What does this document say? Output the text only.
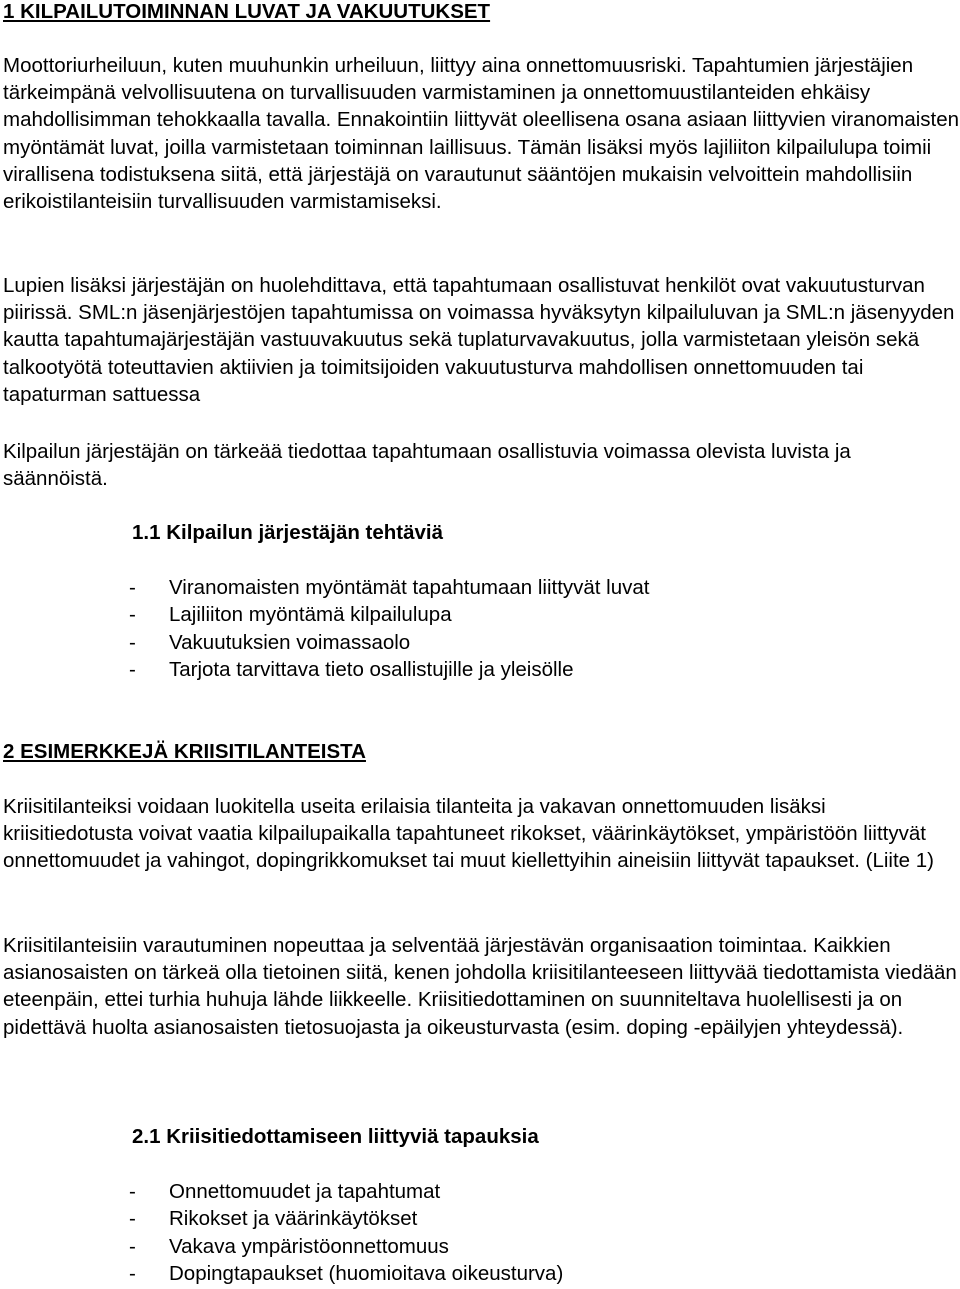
1 KILPAILUTOIMINNAN LUVAT JA VAKUUTUKSET

Moottoriurheiluun, kuten muuhunkin urheiluun, liittyy aina onnettomuusriski. Tapahtumien järjestäjien tärkeimpänä velvollisuutena on turvallisuuden varmistaminen ja onnettomuustilanteiden ehkäisy mahdollisimman tehokkaalla tavalla. Ennakointiin liittyvät oleellisena osana asiaan liittyvien viranomaisten myöntämät luvat, joilla varmistetaan toiminnan laillisuus. Tämän lisäksi myös lajiliiton kilpailulupa toimii virallisena todistuksena siitä, että järjestäjä on varautunut sääntöjen mukaisin velvoittein mahdollisiin erikoistilanteisiin turvallisuuden varmistamiseksi.

Lupien lisäksi järjestäjän on huolehdittava, että tapahtumaan osallistuvat henkilöt ovat vakuutusturvan piirissä. SML:n jäsenjärjestöjen tapahtumissa on voimassa hyväksytyn kilpailuluvan ja SML:n jäsenyyden kautta tapahtumajärjestäjän vastuuvakuutus sekä tuplaturvavakuutus, jolla varmistetaan yleisön sekä talkootyötä toteuttavien aktiivien ja toimitsijoiden vakuutusturva mahdollisen onnettomuuden tai tapaturman sattuessa

Kilpailun järjestäjän on tärkeää tiedottaa tapahtumaan osallistuvia voimassa olevista luvista ja säännöistä.

1.1 Kilpailun järjestäjän tehtäviä
-	Viranomaisten myöntämät tapahtumaan liittyvät luvat
-	Lajiliiton myöntämä kilpailulupa
-	Vakuutuksien voimassaolo
-	Tarjota tarvittava tieto osallistujille ja yleisölle
2 ESIMERKKEJÄ KRIISITILANTEISTA

Kriisitilanteiksi voidaan luokitella useita erilaisia tilanteita ja vakavan onnettomuuden lisäksi kriisitiedotusta voivat vaatia kilpailupaikalla tapahtuneet rikokset, väärinkäytökset, ympäristöön liittyvät onnettomuudet ja vahingot, dopingrikkomukset tai muut kiellettyihin aineisiin liittyvät tapaukset. (Liite 1)

Kriisitilanteisiin varautuminen nopeuttaa ja selventää järjestävän organisaation toimintaa. Kaikkien asianosaisten on tärkeä olla tietoinen siitä, kenen johdolla kriisitilanteeseen liittyvää tiedottamista viedään eteenpäin, ettei turhia huhuja lähde liikkeelle. Kriisitiedottaminen on suunniteltava huolellisesti ja on pidettävä huolta asianosaisten tietosuojasta ja oikeusturvasta (esim. doping -epäilyjen yhteydessä).

2.1 Kriisitiedottamiseen liittyviä tapauksia
-	Onnettomuudet ja tapahtumat
-	Rikokset ja väärinkäytökset
-	Vakava ympäristöonnettomuus
-	Dopingtapaukset (huomioitava oikeusturva)
